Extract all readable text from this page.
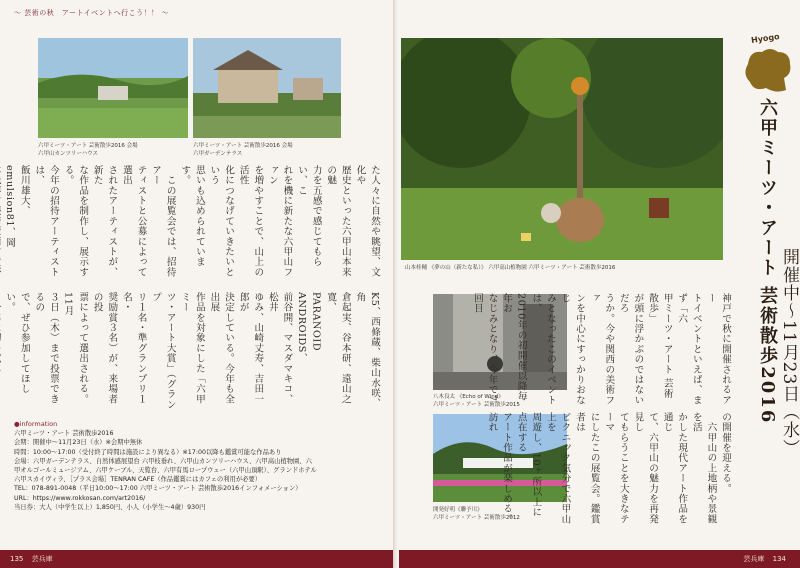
〜 芸術の秋　アートイベントへ行こう！！ 〜
六甲ミーツ・アート 芸術散歩2016 会場
六甲山カンツリーハウス
六甲ミーツ・アート 芸術散歩2016 会場
六甲ガーデンテラス
た人々に自然や眺望、文化や
歴史といった六甲山本来の魅
力を五感で感じてもらい、こ
れを機に新たな六甲山ファン
を増やすことで、山上の活性
化につなげていきたいという
思いも込められています。
　この展覧会では、招待アー
ティストと公募によって選出
されたアーティストが、新た
な作品を制作し、展示する。
今年の招待アーティストは、
飯川雄大、emulsion81、岡
K5、西條蔵、柴山水咲、角
倉起実、谷本研、遠山之寛、
PARANOID ANDROIDS、
前谷開、マスダマキコ、松井
ゆみ、山崎丈寿、吉田一郎が
決定している。今年も全出展
作品を対象にした「六甲ミー
ツ・アート大賞」（グランプ
リ１名・準グランプリ１名・
奨励賞３名）が、来場者の投
票によって選出される。11月
３日（木）まで投票できるの
で、ぜひ参加してほしい。
●information
六甲ミーツ・アート 芸術散歩2016
会期：開催中〜11月23日（水）※会期中無休
時間：10:00〜17:00（受付終了時間は施設により異なる）※17:00以降も鑑賞可能な作品あり
会場：六甲ガーデンテラス、自然体感展望台 六甲枝垂れ、六甲山カンツリーハウス、六甲高山植物園、六
甲オルゴールミュージアム、六甲ケーブル、天覧台、六甲有馬ロープウェー（六甲山頂駅）、グランドホテル
六甲スカイヴィラ、［プラス会場］TENRAN CAFE（作品鑑賞にはカフェの利用が必要）
TEL：078-891-0048（平日10:00〜17:00 六甲ミーツ・アート 芸術散歩2016インフォメーション）
URL：https://www.rokkosan.com/art2016/
当日券：大人（中学生以上）1,850円、小人（小学生〜4歳）930円
山本桂輔 《夢の山（新たな私）》 六甲高山植物園 六甲ミーツ・アート 芸術散歩2016
八木良太 《Echo of Wind》
六甲ミーツ・アート 芸術散歩2015
開発好明《聯予川》
六甲ミーツ・アート 芸術散歩2012
神戸で秋に開催されるアー
トイベントといえば、まず「六
甲ミーツ・アート 芸術散歩」
が頭に浮かぶのではないだろ
うか。今や関西の美術ファ
ンを中心にすっかりおなじ
みとなったこのイベントは、
2010年の初開催以降毎年お
なじみとなり、今年で7回目
の開催を迎える。
　六甲山の上地柄や景観を活
かした現代アート作品を通じ
て、六甲山の魅力を再発見し
てもらうことを大きなテーマ
にしたこの展覧会。鑑賞者は
ピクニック気分で六甲山上を
周遊し、10ヶ所以上に点在する
アート作品が楽しめる。訪れ
Hyogo
六甲ミーツ・アート 芸術散歩2016 開催中〜11月23日（水）
135 芸兵庫	芸兵庫 134
